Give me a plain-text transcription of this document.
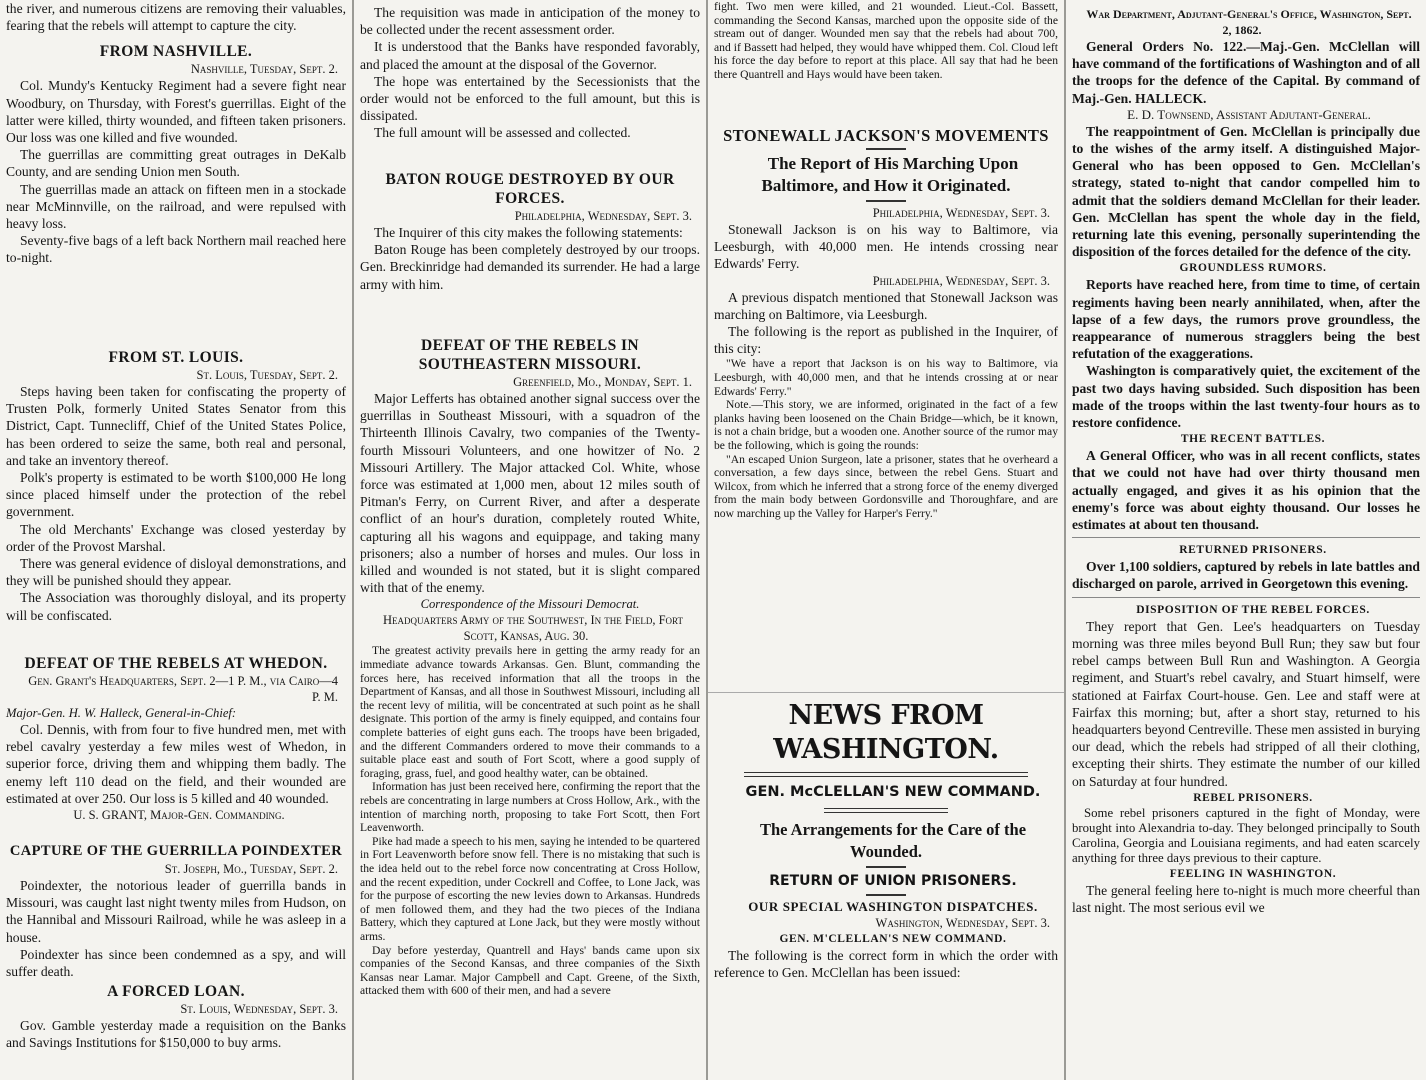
the river, and numerous citizens are removing their valuables, fearing that the rebels will attempt to capture the city.

FROM NASHVILLE.

Nashville, Tuesday, Sept. 2.

Col. Mundy's Kentucky Regiment had a severe fight near Woodbury, on Thursday, with Forest's guerrillas. Eight of the latter were killed, thirty wounded, and fifteen taken prisoners. Our loss was one killed and five wounded.

The guerrillas are committing great outrages in DeKalb County, and are sending Union men South.

The guerrillas made an attack on fifteen men in a stockade near McMinnville, on the railroad, and were repulsed with heavy loss.

Seventy-five bags of a left back Northern mail reached here to-night.

FROM ST. LOUIS.

St. Louis, Tuesday, Sept. 2.

Steps having been taken for confiscating the property of Trusten Polk, formerly United States Senator from this District, Capt. Tunnecliff, Chief of the United States Police, has been ordered to seize the same, both real and personal, and take an inventory thereof.

Polk's property is estimated to be worth $100,000 He long since placed himself under the protection of the rebel government.

The old Merchants' Exchange was closed yesterday by order of the Provost Marshal.

There was general evidence of disloyal demonstrations, and they will be punished should they appear.

The Association was thoroughly disloyal, and its property will be confiscated.

DEFEAT OF THE REBELS AT WHEDON.

Gen. Grant's Headquarters, Sept. 2—1 P. M., via Cairo—4 P. M.

Major-Gen. H. W. Halleck, General-in-Chief:

Col. Dennis, with from four to five hundred men, met with rebel cavalry yesterday a few miles west of Whedon, in superior force, driving them and whipping them badly. The enemy left 110 dead on the field, and their wounded are estimated at over 250. Our loss is 5 killed and 40 wounded.

U. S. GRANT, Major-Gen. Commanding.

CAPTURE OF THE GUERRILLA POINDEXTER

St. Joseph, Mo., Tuesday, Sept. 2.

Poindexter, the notorious leader of guerrilla bands in Missouri, was caught last night twenty miles from Hudson, on the Hannibal and Missouri Railroad, while he was asleep in a house.

Poindexter has since been condemned as a spy, and will suffer death.

A FORCED LOAN.

St. Louis, Wednesday, Sept. 3.

Gov. Gamble yesterday made a requisition on the Banks and Savings Institutions for $150,000 to buy arms.

The requisition was made in anticipation of the money to be collected under the recent assessment order.

It is understood that the Banks have responded favorably, and placed the amount at the disposal of the Governor.

The hope was entertained by the Secessionists that the order would not be enforced to the full amount, but this is dissipated.

The full amount will be assessed and collected.

BATON ROUGE DESTROYED BY OUR FORCES.

Philadelphia, Wednesday, Sept. 3.

The Inquirer of this city makes the following statements:

Baton Rouge has been completely destroyed by our troops. Gen. Breckinridge had demanded its surrender. He had a large army with him.

DEFEAT OF THE REBELS IN SOUTHEASTERN MISSOURI.

Greenfield, Mo., Monday, Sept. 1.

Major Lefferts has obtained another signal success over the guerrillas in Southeast Missouri, with a squadron of the Thirteenth Illinois Cavalry, two companies of the Twenty-fourth Missouri Volunteers, and one howitzer of No. 2 Missouri Artillery. The Major attacked Col. White, whose force was estimated at 1,000 men, about 12 miles south of Pitman's Ferry, on Current River, and after a desperate conflict of an hour's duration, completely routed White, capturing all his wagons and equippage, and taking many prisoners; also a number of horses and mules. Our loss in killed and wounded is not stated, but it is slight compared with that of the enemy.

Correspondence of the Missouri Democrat.

Headquarters Army of the Southwest, In the Field, Fort Scott, Kansas, Aug. 30.

The greatest activity prevails here in getting the army ready for an immediate advance towards Arkansas. Gen. Blunt, commanding the forces here, has received information that all the troops in the Department of Kansas, and all those in Southwest Missouri, including all the recent levy of militia, will be concentrated at such point as he shall designate. This portion of the army is finely equipped, and contains four complete batteries of eight guns each. The troops have been brigaded, and the different Commanders ordered to move their commands to a suitable place east and south of Fort Scott, where a good supply of foraging, grass, fuel, and good healthy water, can be obtained.

Information has just been received here, confirming the report that the rebels are concentrating in large numbers at Cross Hollow, Ark., with the intention of marching north, proposing to take Fort Scott, then Fort Leavenworth.

Pike had made a speech to his men, saying he intended to be quartered in Fort Leavenworth before snow fell. There is no mistaking that such is the idea held out to the rebel force now concentrating at Cross Hollow, and the recent expedition, under Cockrell and Coffee, to Lone Jack, was for the purpose of escorting the new levies down to Arkansas. Hundreds of men followed them, and they had the two pieces of the Indiana Battery, which they captured at Lone Jack, but they were mostly without arms.

Day before yesterday, Quantrell and Hays' bands came upon six companies of the Second Kansas, and three companies of the Sixth Kansas near Lamar. Major Campbell and Capt. Greene, of the Sixth, attacked them with 600 of their men, and had a severe

fight. Two men were killed, and 21 wounded. Lieut.-Col. Bassett, commanding the Second Kansas, marched upon the opposite side of the stream out of danger. Wounded men say that the rebels had about 700, and if Bassett had helped, they would have whipped them. Col. Cloud left his force the day before to report at this place. All say that had he been there Quantrell and Hays would have been taken.

STONEWALL JACKSON'S MOVEMENTS

The Report of His Marching Upon Baltimore, and How it Originated.

Philadelphia, Wednesday, Sept. 3.

Stonewall Jackson is on his way to Baltimore, via Leesburgh, with 40,000 men. He intends crossing near Edwards' Ferry.

Philadelphia, Wednesday, Sept. 3.

A previous dispatch mentioned that Stonewall Jackson was marching on Baltimore, via Leesburgh.

The following is the report as published in the Inquirer, of this city:

"We have a report that Jackson is on his way to Baltimore, via Leesburgh, with 40,000 men, and that he intends crossing at or near Edwards' Ferry."

Note.—This story, we are informed, originated in the fact of a few planks having been loosened on the Chain Bridge—which, be it known, is not a chain bridge, but a wooden one. Another source of the rumor may be the following, which is going the rounds:

"An escaped Union Surgeon, late a prisoner, states that he overheard a conversation, a few days since, between the rebel Gens. Stuart and Wilcox, from which he inferred that a strong force of the enemy diverged from the main body between Gordonsville and Thoroughfare, and are now marching up the Valley for Harper's Ferry."

NEWS FROM WASHINGTON.

GEN. McCLELLAN'S NEW COMMAND.

The Arrangements for the Care of the Wounded.

RETURN OF UNION PRISONERS.

OUR SPECIAL WASHINGTON DISPATCHES.

Washington, Wednesday, Sept. 3.

GEN. M'CLELLAN'S NEW COMMAND.

The following is the correct form in which the order with reference to Gen. McClellan has been issued:

War Department, Adjutant-General's Office, Washington, Sept. 2, 1862.

General Orders No. 122.—Maj.-Gen. McClellan will have command of the fortifications of Washington and of all the troops for the defence of the Capital. By command of Maj.-Gen. HALLECK.

E. D. Townsend, Assistant Adjutant-General.

The reappointment of Gen. McClellan is principally due to the wishes of the army itself. A distinguished Major-General who has been opposed to Gen. McClellan's strategy, stated to-night that candor compelled him to admit that the soldiers demand McClellan for their leader. Gen. McClellan has spent the whole day in the field, returning late this evening, personally superintending the disposition of the forces detailed for the defence of the city.

GROUNDLESS RUMORS.

Reports have reached here, from time to time, of certain regiments having been nearly annihilated, when, after the lapse of a few days, the rumors prove groundless, the reappearance of numerous stragglers being the best refutation of the exaggerations.

Washington is comparatively quiet, the excitement of the past two days having subsided. Such disposition has been made of the troops within the last twenty-four hours as to restore confidence.

THE RECENT BATTLES.

A General Officer, who was in all recent conflicts, states that we could not have had over thirty thousand men actually engaged, and gives it as his opinion that the enemy's force was about eighty thousand. Our losses he estimates at about ten thousand.

RETURNED PRISONERS.

Over 1,100 soldiers, captured by rebels in late battles and discharged on parole, arrived in Georgetown this evening.

DISPOSITION OF THE REBEL FORCES.

They report that Gen. Lee's headquarters on Tuesday morning was three miles beyond Bull Run; they saw but four rebel camps between Bull Run and Washington. A Georgia regiment, and Stuart's rebel cavalry, and Stuart himself, were stationed at Fairfax Court-house. Gen. Lee and staff were at Fairfax this morning; but, after a short stay, returned to his headquarters beyond Centreville. These men assisted in burying our dead, which the rebels had stripped of all their clothing, excepting their shirts. They estimate the number of our killed on Saturday at four hundred.

REBEL PRISONERS.

Some rebel prisoners captured in the fight of Monday, were brought into Alexandria to-day. They belonged principally to South Carolina, Georgia and Louisiana regiments, and had eaten scarcely anything for three days previous to their capture.

FEELING IN WASHINGTON.

The general feeling here to-night is much more cheerful than last night. The most serious evil we
